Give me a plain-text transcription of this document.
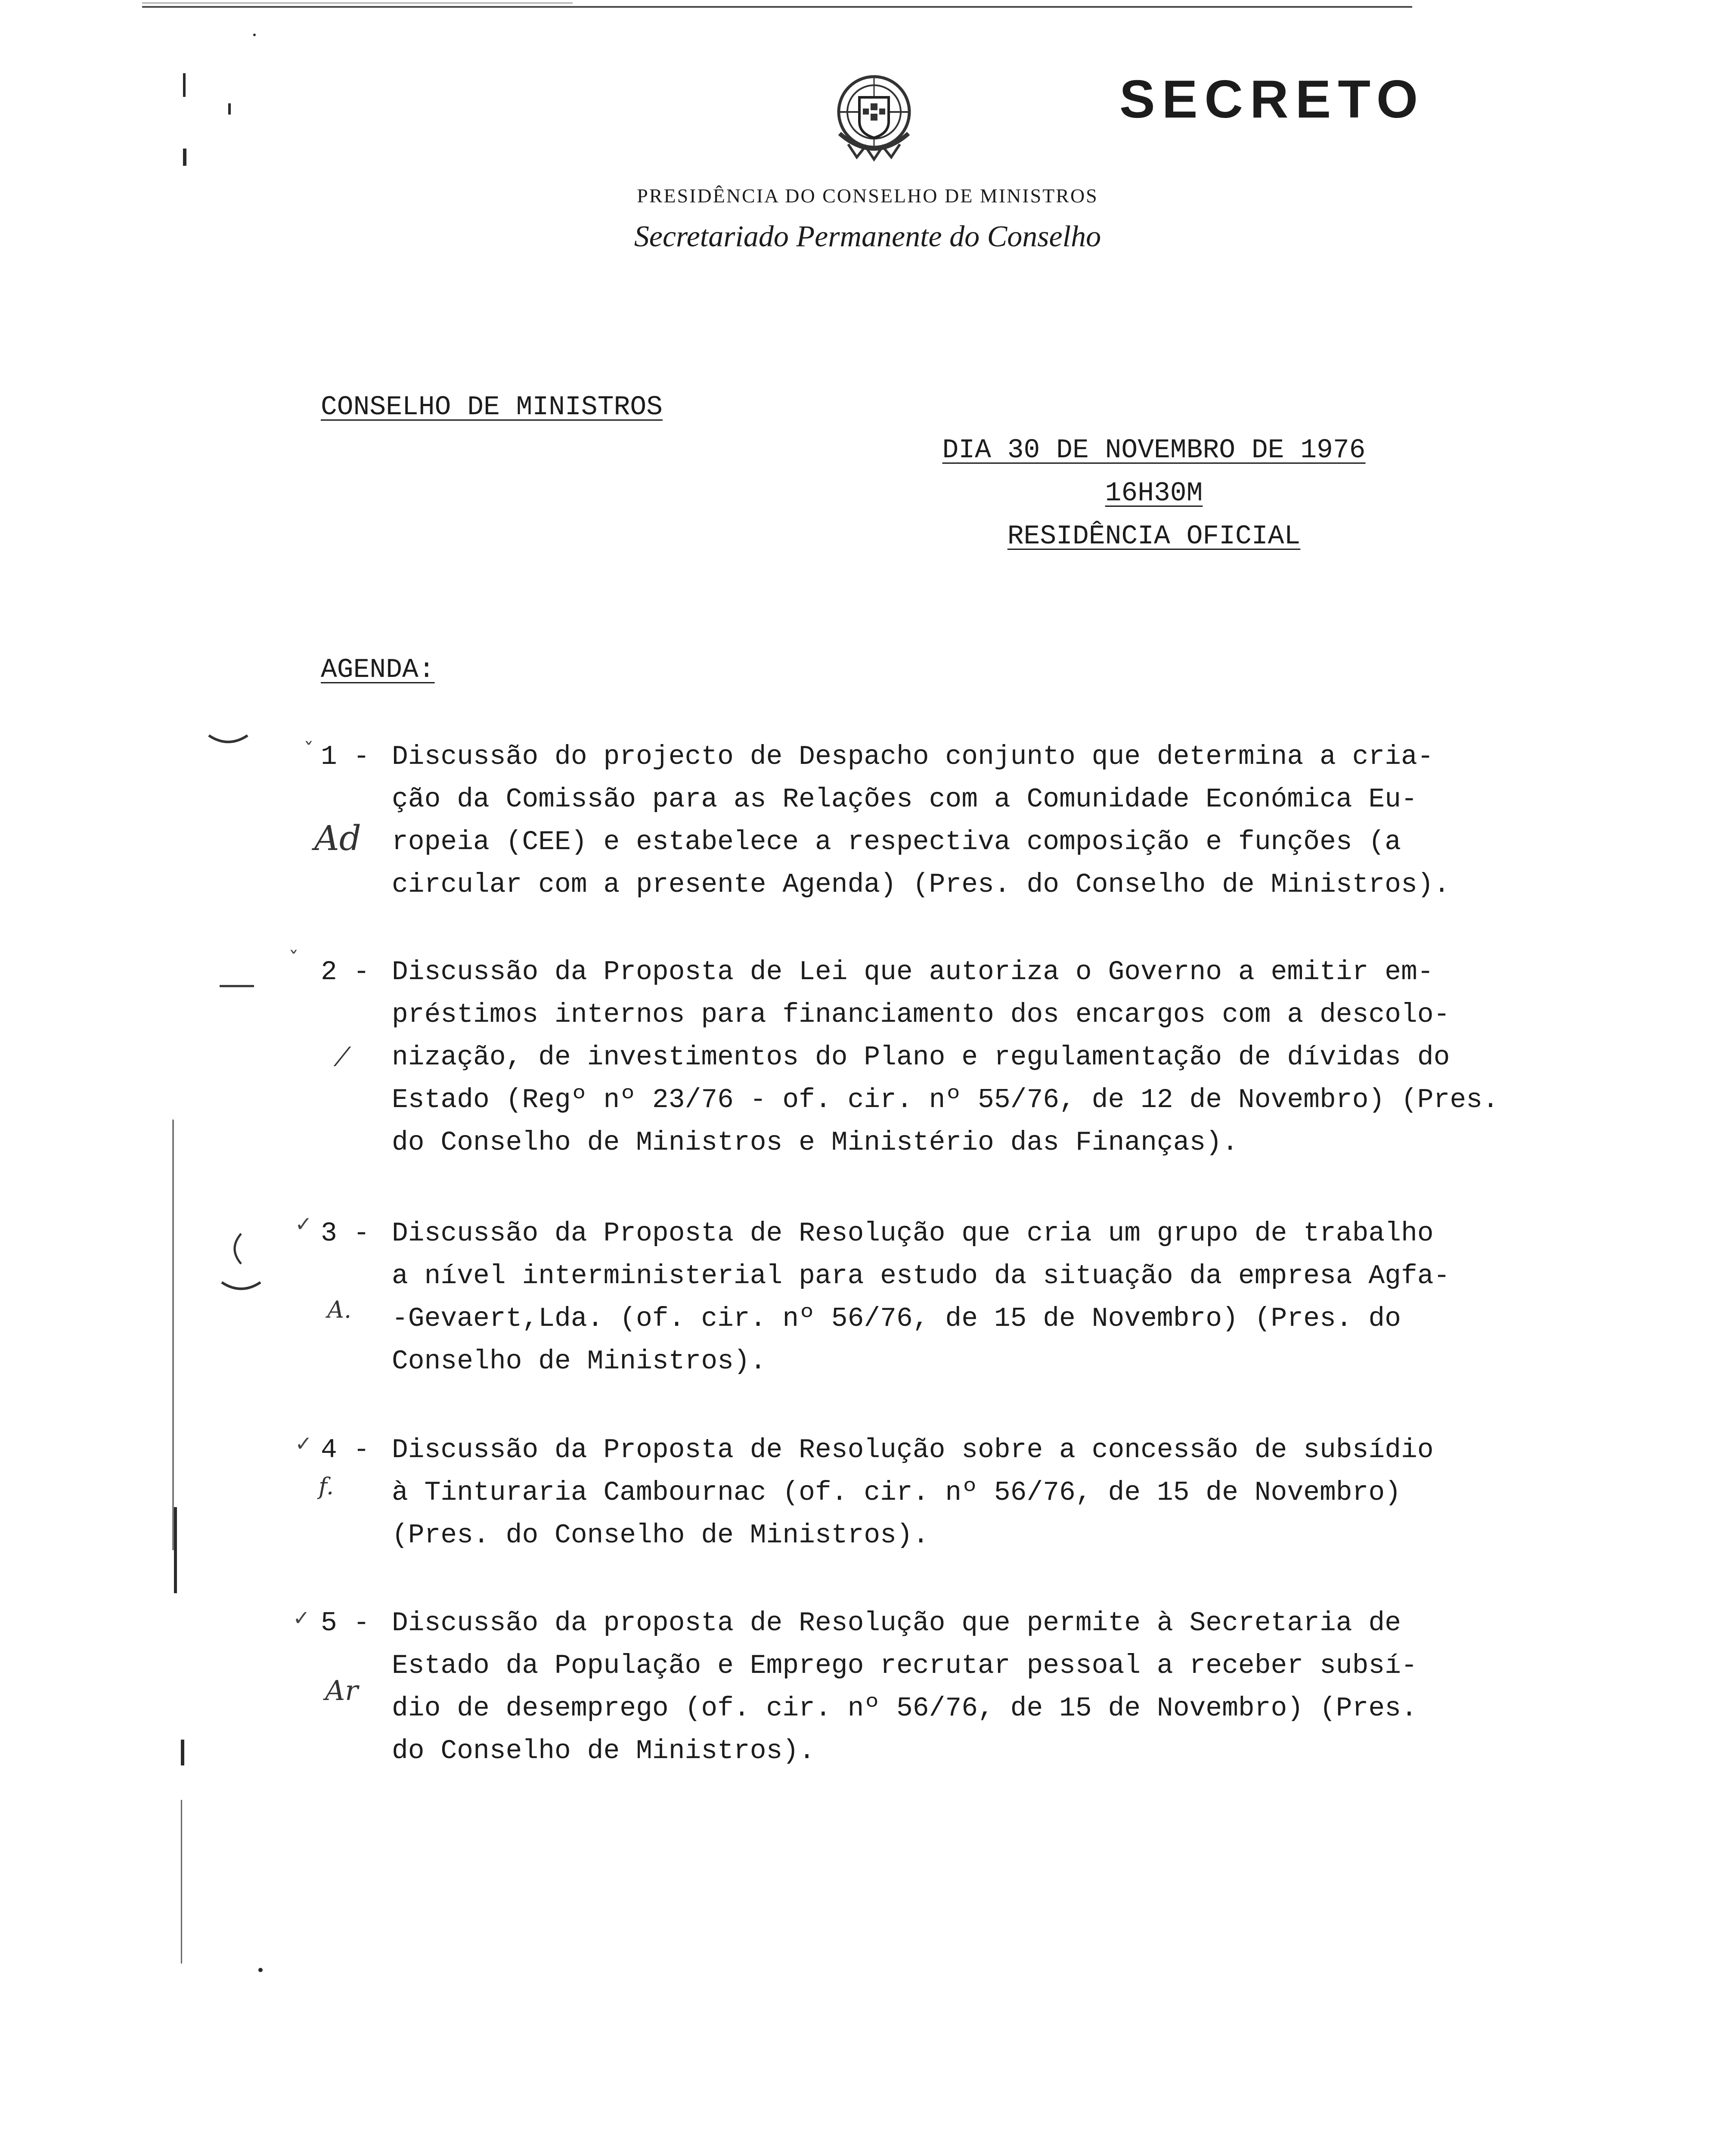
SECRETO
PRESIDÊNCIA DO CONSELHO DE MINISTROS
Secretariado Permanente do Conselho
CONSELHO DE MINISTROS
DIA 30 DE NOVEMBRO DE 1976
16H30M
RESIDÊNCIA OFICIAL
AGENDA:
1 - Discussão do projecto de Despacho conjunto que determina a cria-
ção da Comissão para as Relações com a Comunidade Económica Eu-
ropeia (CEE) e estabelece a respectiva composição e funções (a
circular com a presente Agenda) (Pres. do Conselho de Ministros).
2 - Discussão da Proposta de Lei que autoriza o Governo a emitir em-
préstimos internos para financiamento dos encargos com a descolo-
nização, de investimentos do Plano e regulamentação de dívidas do
Estado (Regº nº 23/76 - of. cir. nº 55/76, de 12 de Novembro) (Pres.
do Conselho de Ministros e Ministério das Finanças).
3 - Discussão da Proposta de Resolução que cria um grupo de trabalho
a nível interministerial para estudo da situação da empresa Agfa-
-Gevaert,Lda. (of. cir. nº 56/76, de 15 de Novembro) (Pres. do
Conselho de Ministros).
4 - Discussão da Proposta de Resolução sobre a concessão de subsídio
à Tinturaria Cambournac (of. cir. nº 56/76, de 15 de Novembro)
(Pres. do Conselho de Ministros).
5 - Discussão da proposta de Resolução que permite à Secretaria de
Estado da População e Emprego recrutar pessoal a receber subsí-
dio de desemprego (of. cir. nº 56/76, de 15 de Novembro) (Pres.
do Conselho de Ministros).
Ad
⁄
A.
f.
Ar
ˇ
ˇ
✓
✓
✓
